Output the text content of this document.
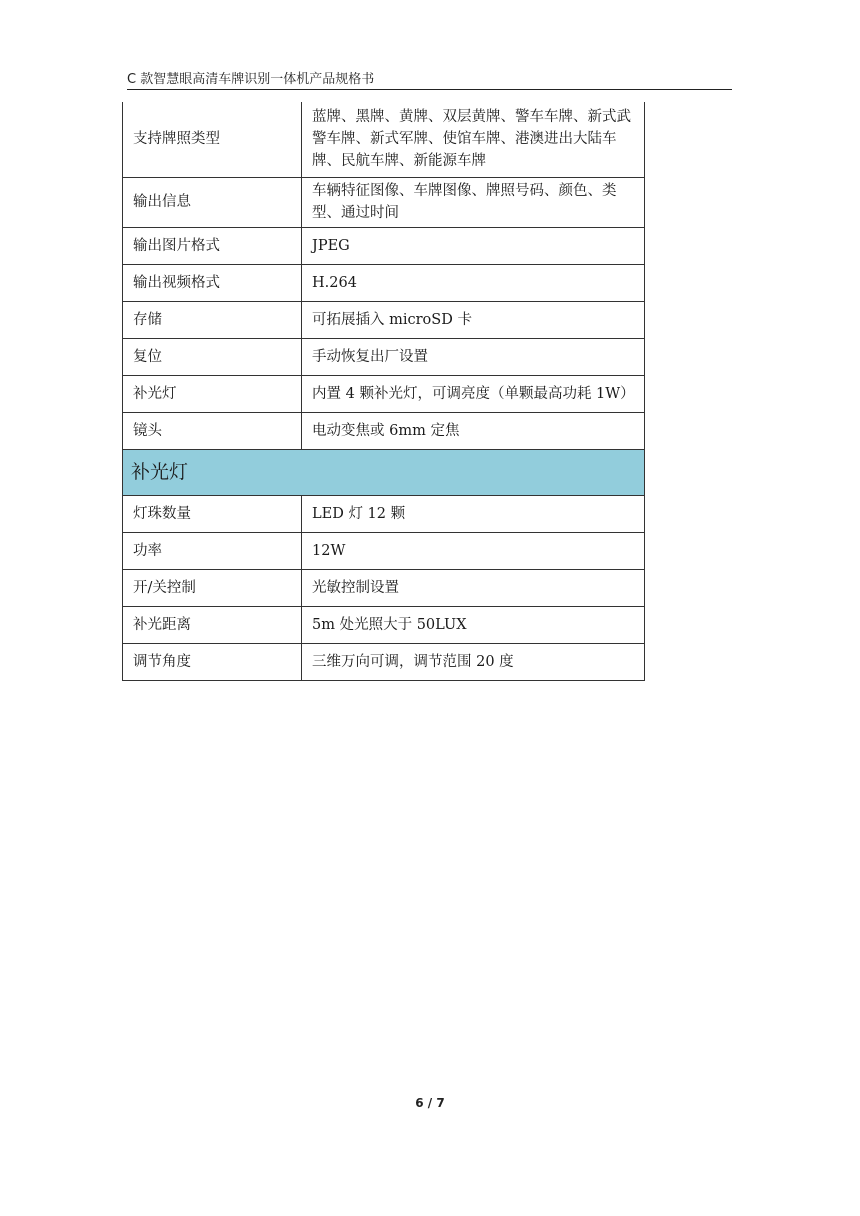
C 款智慧眼高清车牌识别一体机产品规格书
支持牌照类型	蓝牌、黑牌、黄牌、双层黄牌、警车车牌、新式武警车牌、新式军牌、使馆车牌、港澳进出大陆车牌、民航车牌、新能源车牌
输出信息	车辆特征图像、车牌图像、牌照号码、颜色、类型、通过时间
输出图片格式	JPEG
输出视频格式	H.264
存储	可拓展插入 microSD 卡
复位	手动恢复出厂设置
补光灯	内置 4 颗补光灯，可调亮度（单颗最高功耗 1W）
镜头	电动变焦或 6mm 定焦
补光灯	
灯珠数量	LED 灯 12 颗
功率	12W
开/关控制	光敏控制设置
补光距离	5m 处光照大于 50LUX
调节角度	三维万向可调，调节范围 20 度
6 / 7
